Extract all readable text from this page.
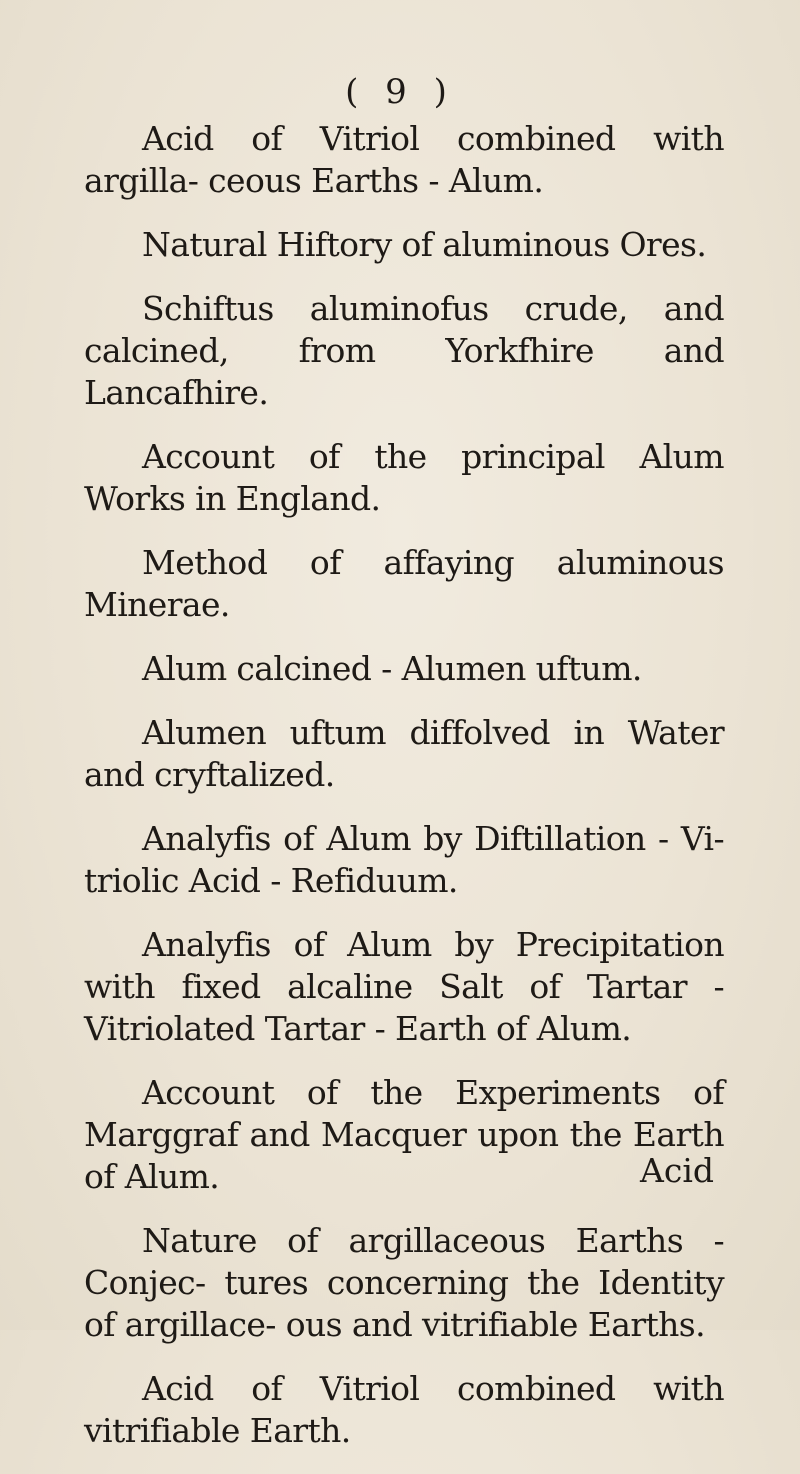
( 9 )

Acid of Vitriol combined with argilla- ceous Earths - Alum.

Natural Hiftory of aluminous Ores.

Schiftus aluminofus crude, and calcined, from Yorkfhire and Lancafhire.

Account of the principal Alum Works in England.

Method of affaying aluminous Minerae.

Alum calcined - Alumen uftum.

Alumen uftum diffolved in Water and cryftalized.

Analyfis of Alum by Diftillation - Vi- triolic Acid - Refiduum.

Analyfis of Alum by Precipitation with fixed alcaline Salt of Tartar - Vitriolated Tartar - Earth of Alum.

Account of the Experiments of Marggraf and Macquer upon the Earth of Alum.

Nature of argillaceous Earths - Conjec- tures concerning the Identity of argillace- ous and vitrifiable Earths.

Acid of Vitriol combined with vitrifiable Earth.

Acid
